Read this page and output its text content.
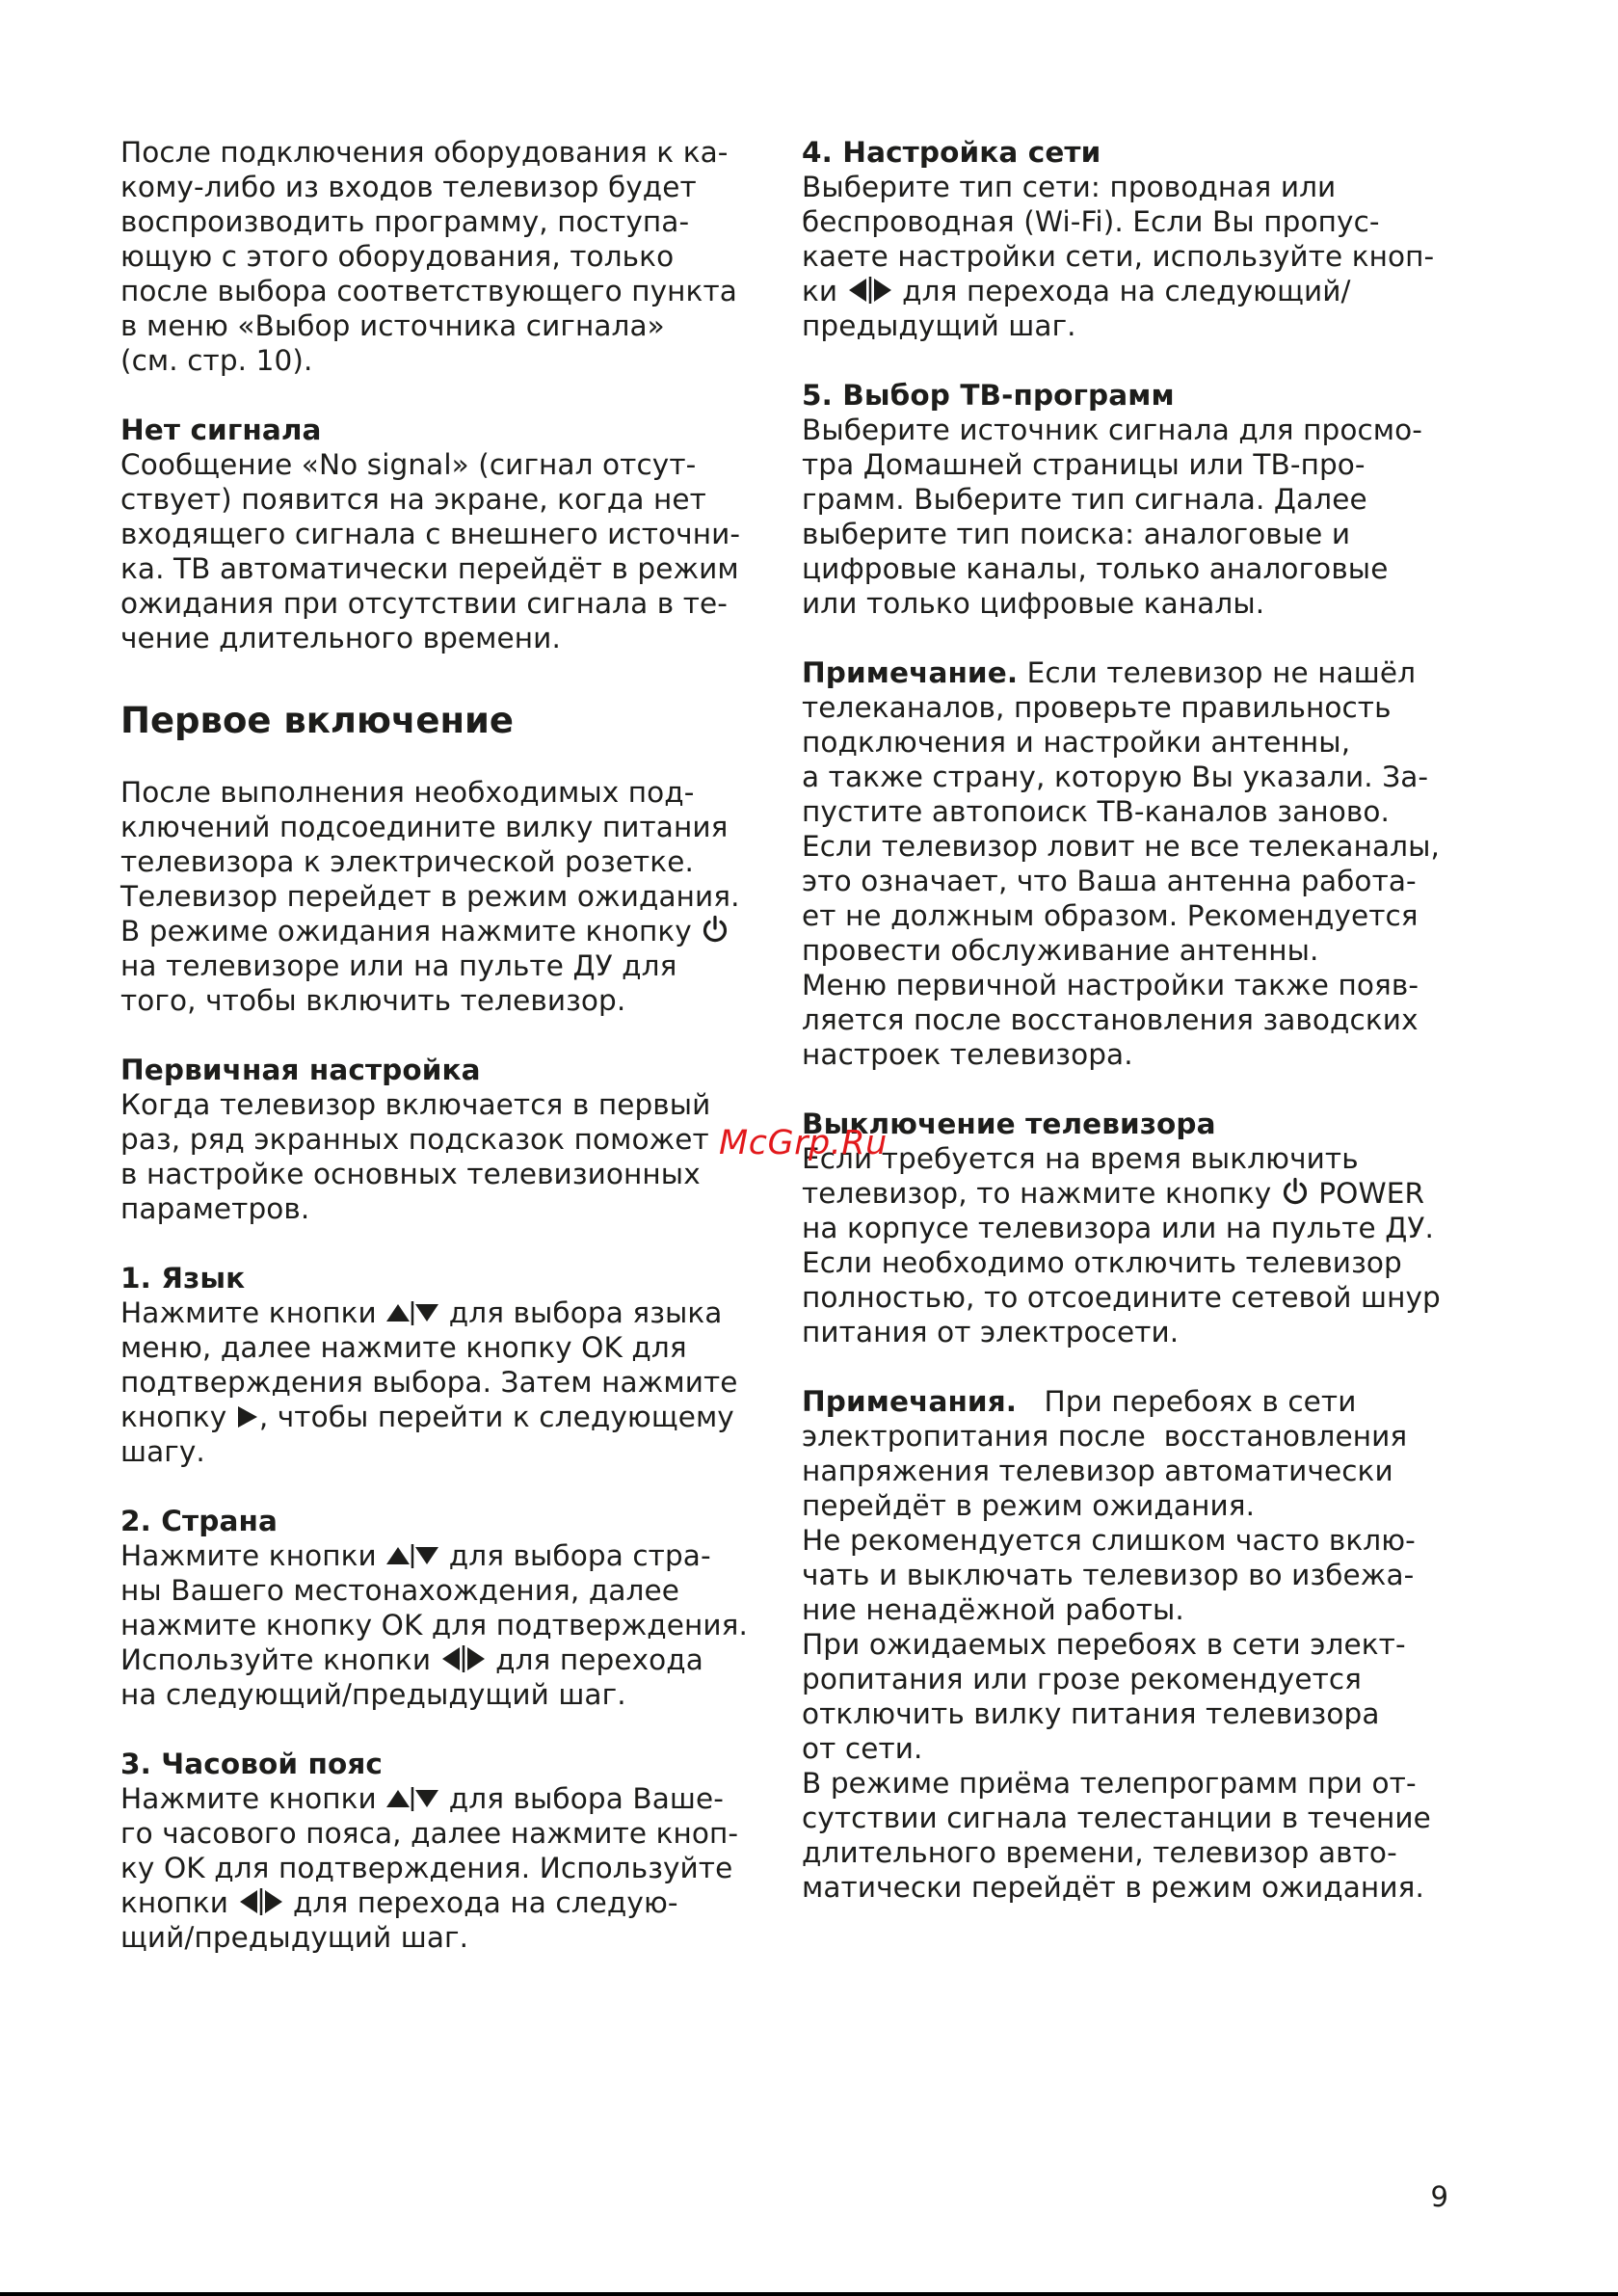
После подключения оборудования к ка-
кому-либо из входов телевизор будет
воспроизводить программу, поступа-
ющую с этого оборудования, только
после выбора соответствующего пункта
в меню «Выбор источника сигнала»
(см. стр. 10).
Нет сигнала
Сообщение «No signal» (сигнал отсут-
ствует) появится на экране, когда нет
входящего сигнала с внешнего источни-
ка. ТВ автоматически перейдёт в режим
ожидания при отсутствии сигнала в те-
чение длительного времени.
Первое включение
После выполнения необходимых под-
ключений подсоедините вилку питания
телевизора к электрической розетке.
Телевизор перейдет в режим ожидания.
В режиме ожидания нажмите кнопку
на телевизоре или на пульте ДУ для
того, чтобы включить телевизор.
Первичная настройка
Когда телевизор включается в первый
раз, ряд экранных подсказок поможет
в настройке основных телевизионных
параметров.
1. Язык
Нажмите кнопки	для выбора языка
меню, далее нажмите кнопку OK для
подтверждения выбора. Затем нажмите
кнопку , чтобы перейти к следующему
шагу.
2. Страна
Нажмите кнопки	для выбора стра-
ны Вашего местонахождения, далее
нажмите кнопку OK для подтверждения.
Используйте кнопки для перехода
на следующий/предыдущий шаг.
3. Часовой пояс
Нажмите кнопки	для выбора Ваше-
го часового пояса, далее нажмите кноп-
ку OK для подтверждения. Используйте
кнопки для перехода на следую-
щий/предыдущий шаг.
4. Настройка сети
Выберите тип сети: проводная или
беспроводная (Wi-Fi). Если Вы пропус-
каете настройки сети, используйте кноп-
ки для перехода на следующий/
предыдущий шаг.
5. Выбор ТВ-программ
Выберите источник сигнала для просмо-
тра Домашней страницы или ТВ-про-
грамм. Выберите тип сигнала. Далее
выберите тип поиска: аналоговые и
цифровые каналы, только аналоговые
или только цифровые каналы.
Примечание. Если телевизор не нашёл
телеканалов, проверьте правильность
подключения и настройки антенны,
а также страну, которую Вы указали. За-
пустите автопоиск ТВ-каналов заново.
Если телевизор ловит не все телеканалы,
это означает, что Ваша антенна работа-
ет не должным образом. Рекомендуется
провести обслуживание антенны.
Меню первичной настройки также появ-
ляется после восстановления заводских
настроек телевизора.
Выключение телевизора
Если требуется на время выключить
телевизор, то нажмите кнопку POWER
на корпусе телевизора или на пульте ДУ.
Если необходимо отключить телевизор
полностью, то отсоедините сетевой шнур
питания от электросети.
Примечания.   При перебоях в сети
электропитания после  восстановления
напряжения телевизор автоматически
перейдёт в режим ожидания.
Не рекомендуется слишком часто вклю-
чать и выключать телевизор во избежа-
ние ненадёжной работы.
При ожидаемых перебоях в сети элект-
ропитания или грозе рекомендуется
отключить вилку питания телевизора
от сети.
В режиме приёма телепрограмм при от-
сутствии сигнала телестанции в течение
длительного времени, телевизор авто-
матически перейдёт в режим ожидания.
McGrp.Ru
9
